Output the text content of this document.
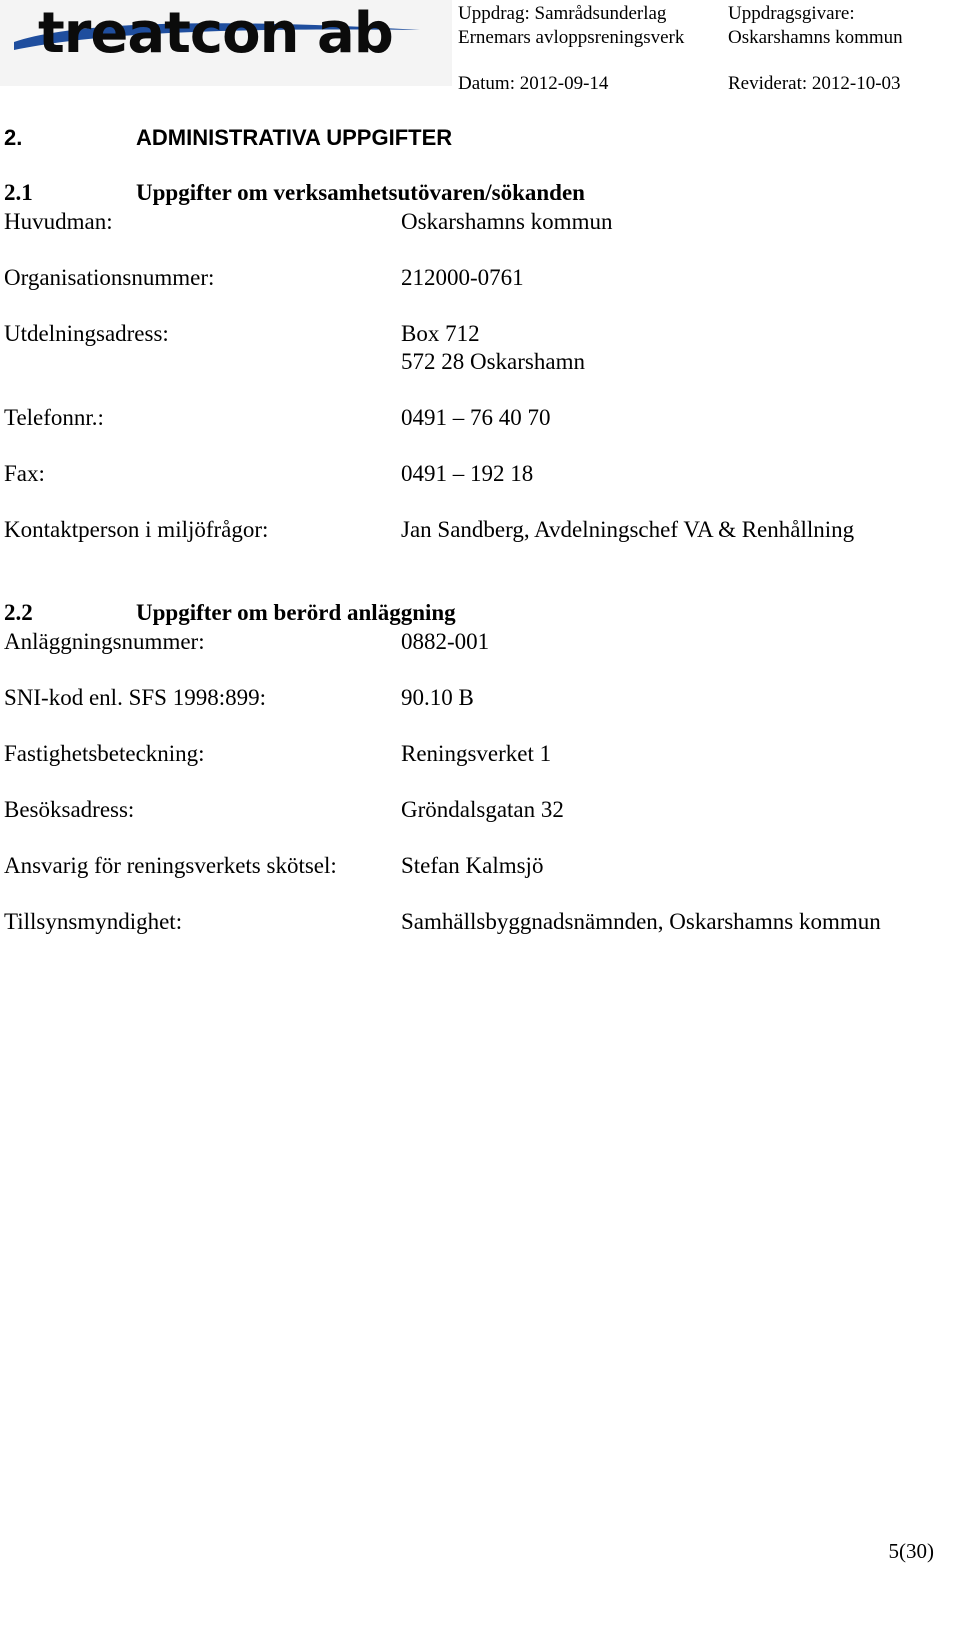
treatcon ab	Uppdrag: Samrådsunderlag
Ernemars avloppsreningsverk
Uppdragsgivare:
Oskarshamns kommun
Datum: 2012-09-14	Reviderat: 2012-10-03
2.	ADMINISTRATIVA UPPGIFTER
2.1	Uppgifter om verksamhetsutövaren/sökanden
Huvudman:	Oskarshamns kommun
Organisationsnummer:	212000-0761
Utdelningsadress:	Box 712
572 28 Oskarshamn
Telefonnr.:	0491 – 76 40 70
Fax:	0491 – 192 18
Kontaktperson i miljöfrågor:	Jan Sandberg, Avdelningschef VA & Renhållning
2.2	Uppgifter om berörd anläggning
Anläggningsnummer:	0882-001
SNI-kod enl. SFS 1998:899:	90.10 B
Fastighetsbeteckning:	Reningsverket 1
Besöksadress:	Gröndalsgatan 32
Ansvarig för reningsverkets skötsel:	Stefan Kalmsjö
Tillsynsmyndighet:	Samhällsbyggnadsnämnden, Oskarshamns kommun
5(30)
